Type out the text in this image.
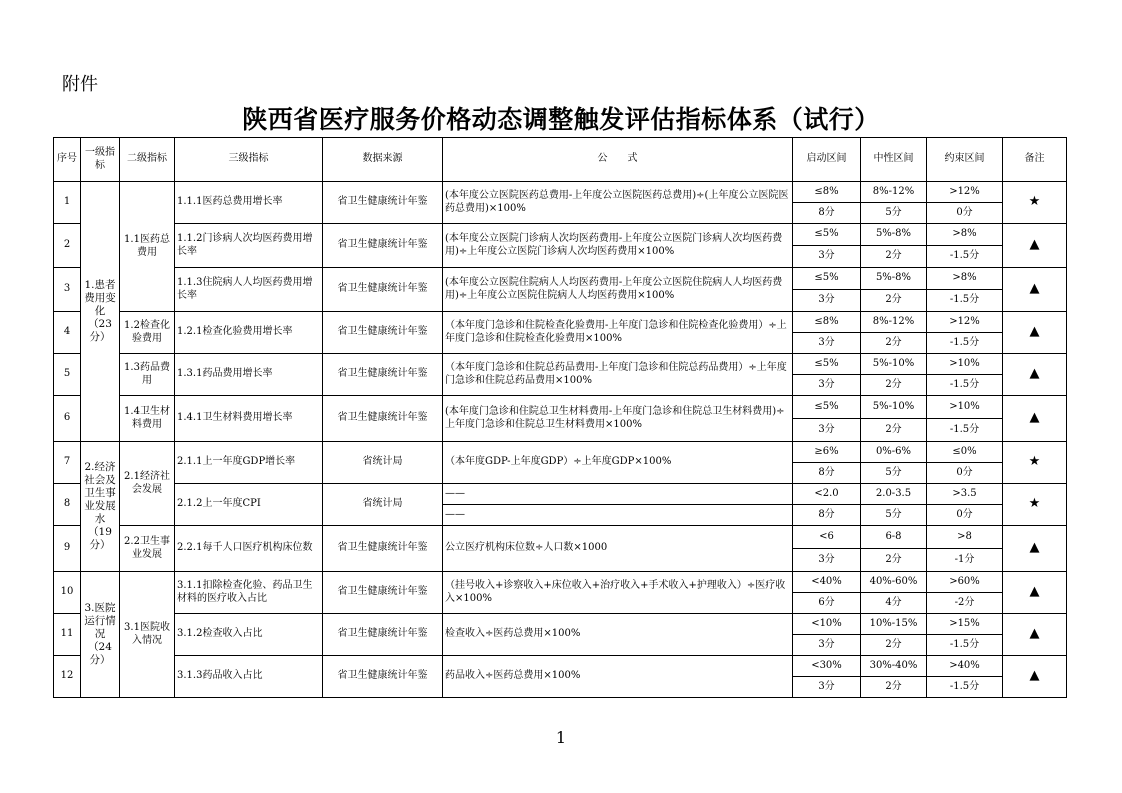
附件
陕西省医疗服务价格动态调整触发评估指标体系（试行）
序号	一级指标	二级指标	三级指标	数据来源	公　　式	启动区间	中性区间	约束区间	备注
1	1.患者费用变化（23分）	1.1医药总费用	1.1.1医药总费用增长率	省卫生健康统计年鉴	(本年度公立医院医药总费用-上年度公立医院医药总费用)÷(上年度公立医院医药总费用)×100%	≤8%	8%-12%	>12%	★
						8分	5分	0分	
2			1.1.2门诊病人次均医药费用增长率	省卫生健康统计年鉴	(本年度公立医院门诊病人次均医药费用-上年度公立医院门诊病人次均医药费用)÷上年度公立医院门诊病人次均医药费用×100%	≤5%	5%-8%	>8%	▲
						3分	2分	-1.5分	
3			1.1.3住院病人人均医药费用增长率	省卫生健康统计年鉴	(本年度公立医院住院病人人均医药费用-上年度公立医院住院病人人均医药费用)÷上年度公立医院住院病人人均医药费用×100%	≤5%	5%-8%	>8%	▲
						3分	2分	-1.5分	
4		1.2检查化验费用	1.2.1检查化验费用增长率	省卫生健康统计年鉴	（本年度门急诊和住院检查化验费用-上年度门急诊和住院检查化验费用）÷上年度门急诊和住院检查化验费用×100%	≤8%	8%-12%	>12%	▲
						3分	2分	-1.5分	
5		1.3药品费用	1.3.1药品费用增长率	省卫生健康统计年鉴	（本年度门急诊和住院总药品费用-上年度门急诊和住院总药品费用）÷上年度门急诊和住院总药品费用×100%	≤5%	5%-10%	>10%	▲
						3分	2分	-1.5分	
6		1.4卫生材料费用	1.4.1卫生材料费用增长率	省卫生健康统计年鉴	(本年度门急诊和住院总卫生材料费用-上年度门急诊和住院总卫生材料费用)÷上年度门急诊和住院总卫生材料费用×100%	≤5%	5%-10%	>10%	▲
						3分	2分	-1.5分	
7	2.经济社会及卫生事业发展水（19分）	2.1经济社会发展	2.1.1上一年度GDP增长率	省统计局	（本年度GDP-上年度GDP）÷上年度GDP×100%	≥6%	0%-6%	≤0%	★
						8分	5分	0分	
8			2.1.2上一年度CPI	省统计局	——	<2.0	2.0-3.5	>3.5	★
					——	8分	5分	0分	
9		2.2卫生事业发展	2.2.1每千人口医疗机构床位数	省卫生健康统计年鉴	公立医疗机构床位数÷人口数×1000	<6	6-8	>8	▲
						3分	2分	-1分	
10	3.医院运行情况（24分）	3.1医院收入情况	3.1.1扣除检查化验、药品卫生材料的医疗收入占比	省卫生健康统计年鉴	（挂号收入+诊察收入+床位收入+治疗收入+手术收入+护理收入）÷医疗收入×100%	<40%	40%-60%	>60%	▲
						6分	4分	-2分	
11			3.1.2检查收入占比	省卫生健康统计年鉴	检查收入÷医药总费用×100%	<10%	10%-15%	>15%	▲
						3分	2分	-1.5分	
12			3.1.3药品收入占比	省卫生健康统计年鉴	药品收入÷医药总费用×100%	<30%	30%-40%	>40%	▲
						3分	2分	-1.5分	
1
